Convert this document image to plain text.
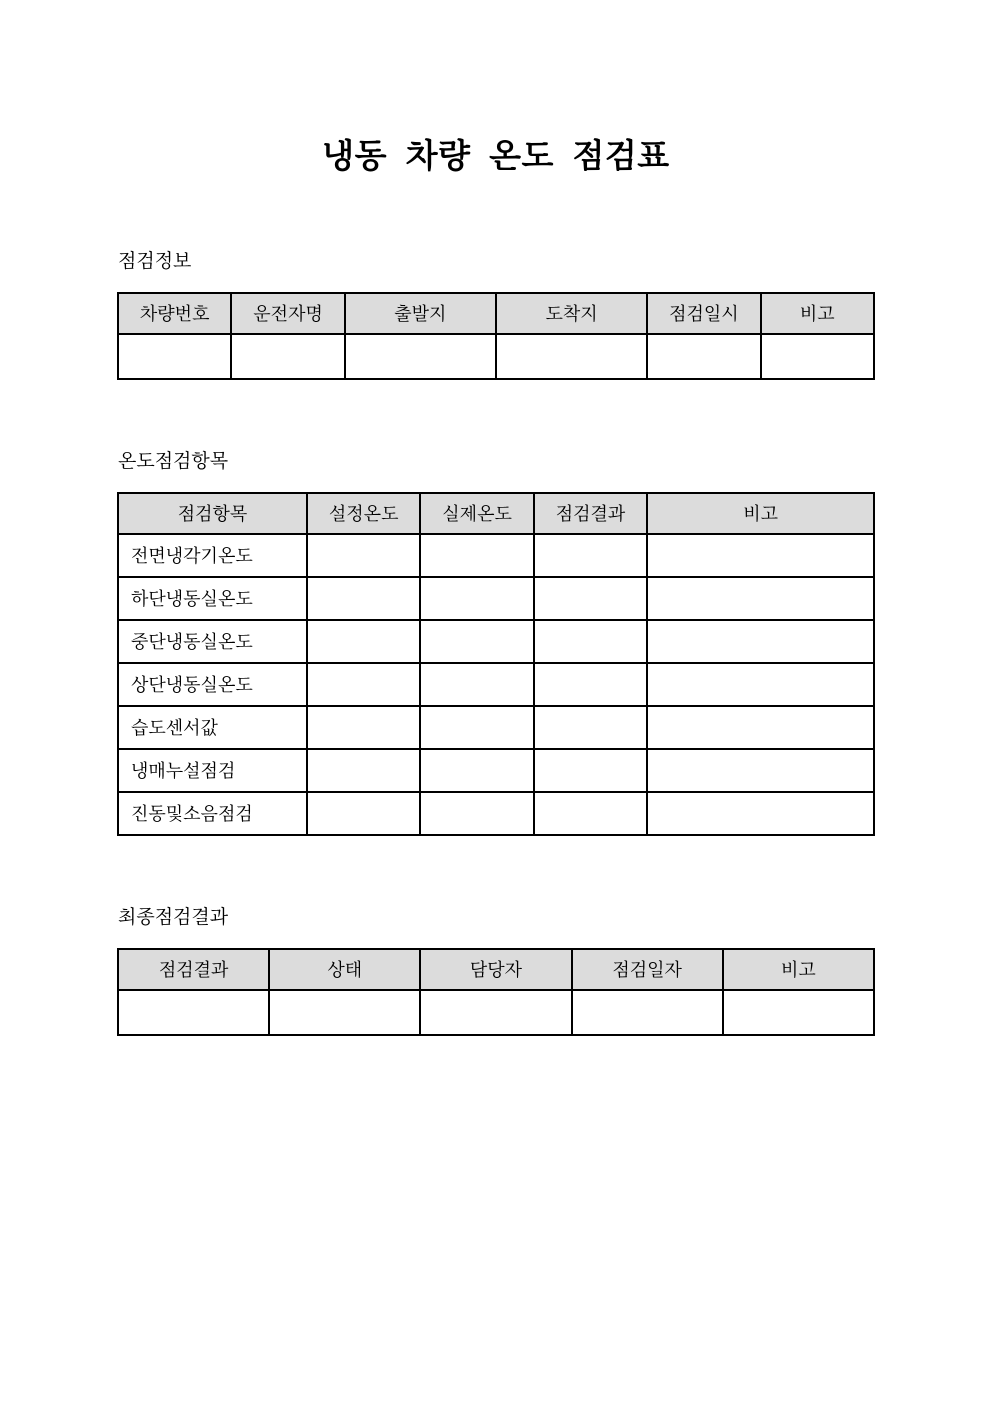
냉동 차량 온도 점검표
점검정보
차량번호	운전자명	출발지	도착지	점검일시	비고

온도점검항목
점검항목	설정온도	실제온도	점검결과	비고
전면냉각기온도				
하단냉동실온도				
중단냉동실온도				
상단냉동실온도				
습도센서값				
냉매누설점검				
진동및소음점검				
최종점검결과
점검결과	상태	담당자	점검일자	비고
